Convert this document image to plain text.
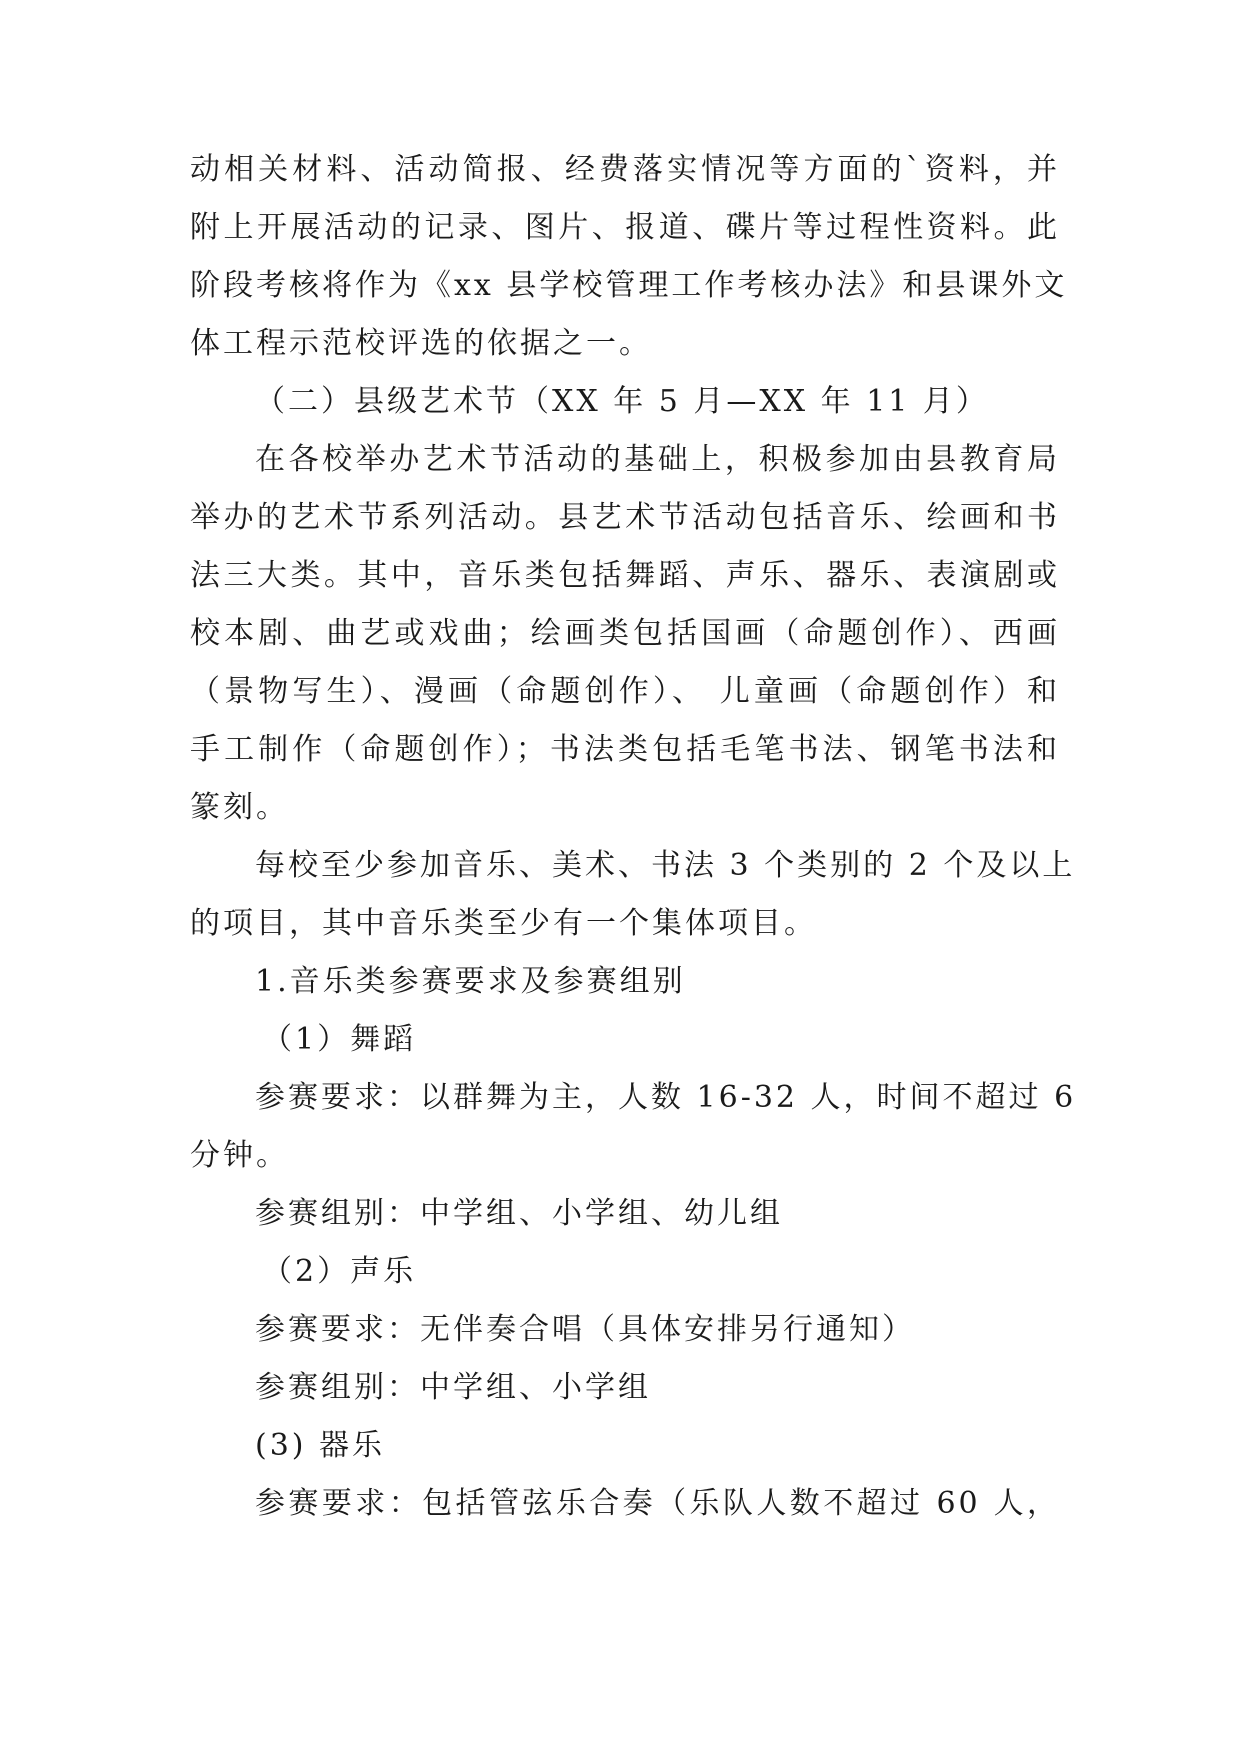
动相关材料、活动简报、经费落实情况等方面的`资料，并
附上开展活动的记录、图片、报道、碟片等过程性资料。此
阶段考核将作为《xx 县学校管理工作考核办法》和县课外文
体工程示范校评选的依据之一。
（二）县级艺术节（XX 年 5 月—XX 年 11 月）
在各校举办艺术节活动的基础上，积极参加由县教育局
举办的艺术节系列活动。县艺术节活动包括音乐、绘画和书
法三大类。其中，音乐类包括舞蹈、声乐、器乐、表演剧或
校本剧、曲艺或戏曲；绘画类包括国画（命题创作）、西画
（景物写生）、漫画（命题创作）、 儿童画（命题创作）和
手工制作（命题创作）；书法类包括毛笔书法、钢笔书法和
篆刻。
每校至少参加音乐、美术、书法 3 个类别的 2 个及以上
的项目，其中音乐类至少有一个集体项目。
1.音乐类参赛要求及参赛组别
（1）舞蹈
参赛要求：以群舞为主，人数 16-32 人，时间不超过 6
分钟。
参赛组别：中学组、小学组、幼儿组
（2）声乐
参赛要求：无伴奏合唱（具体安排另行通知）
参赛组别：中学组、小学组
(3) 器乐
参赛要求：包括管弦乐合奏（乐队人数不超过 60 人，
